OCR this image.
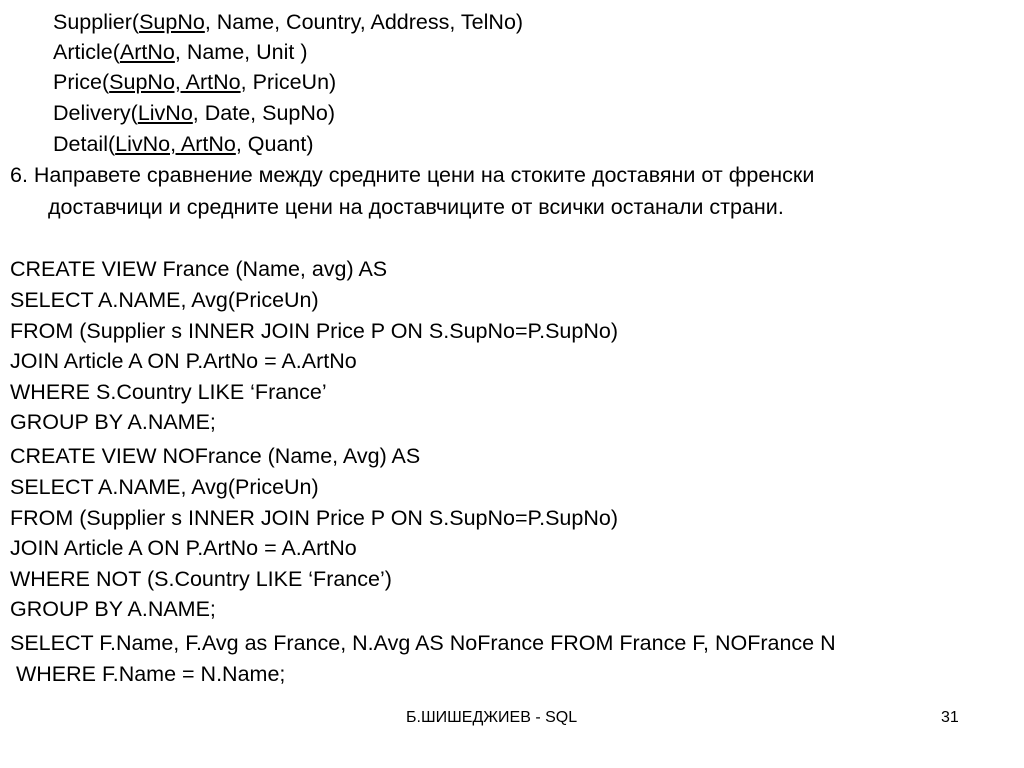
Supplier(SupNo, Name, Country, Address, TelNo)
Article(ArtNo, Name, Unit )
Price(SupNo, ArtNo, PriceUn)
Delivery(LivNo, Date, SupNo)
Detail(LivNo, ArtNo, Quant)
6. Направете сравнение между средните цени на стоките доставяни от френски
доставчици и средните цени на доставчиците от всички останали страни.
CREATE VIEW France (Name, avg) AS
SELECT A.NAME, Avg(PriceUn)
FROM (Supplier s INNER JOIN Price P ON S.SupNo=P.SupNo)
JOIN Article A ON P.ArtNo = A.ArtNo
WHERE S.Country LIKE ‘France’
GROUP BY A.NAME;
CREATE VIEW NOFrance (Name, Avg) AS
SELECT A.NAME, Avg(PriceUn)
FROM (Supplier s INNER JOIN Price P ON S.SupNo=P.SupNo)
JOIN Article A ON P.ArtNo = A.ArtNo
WHERE NOT (S.Country LIKE ‘France’)
GROUP BY A.NAME;
SELECT F.Name, F.Avg as France, N.Avg AS NoFrance FROM France F, NOFrance N
WHERE F.Name = N.Name;
Б.ШИШЕДЖИЕВ - SQL	31
